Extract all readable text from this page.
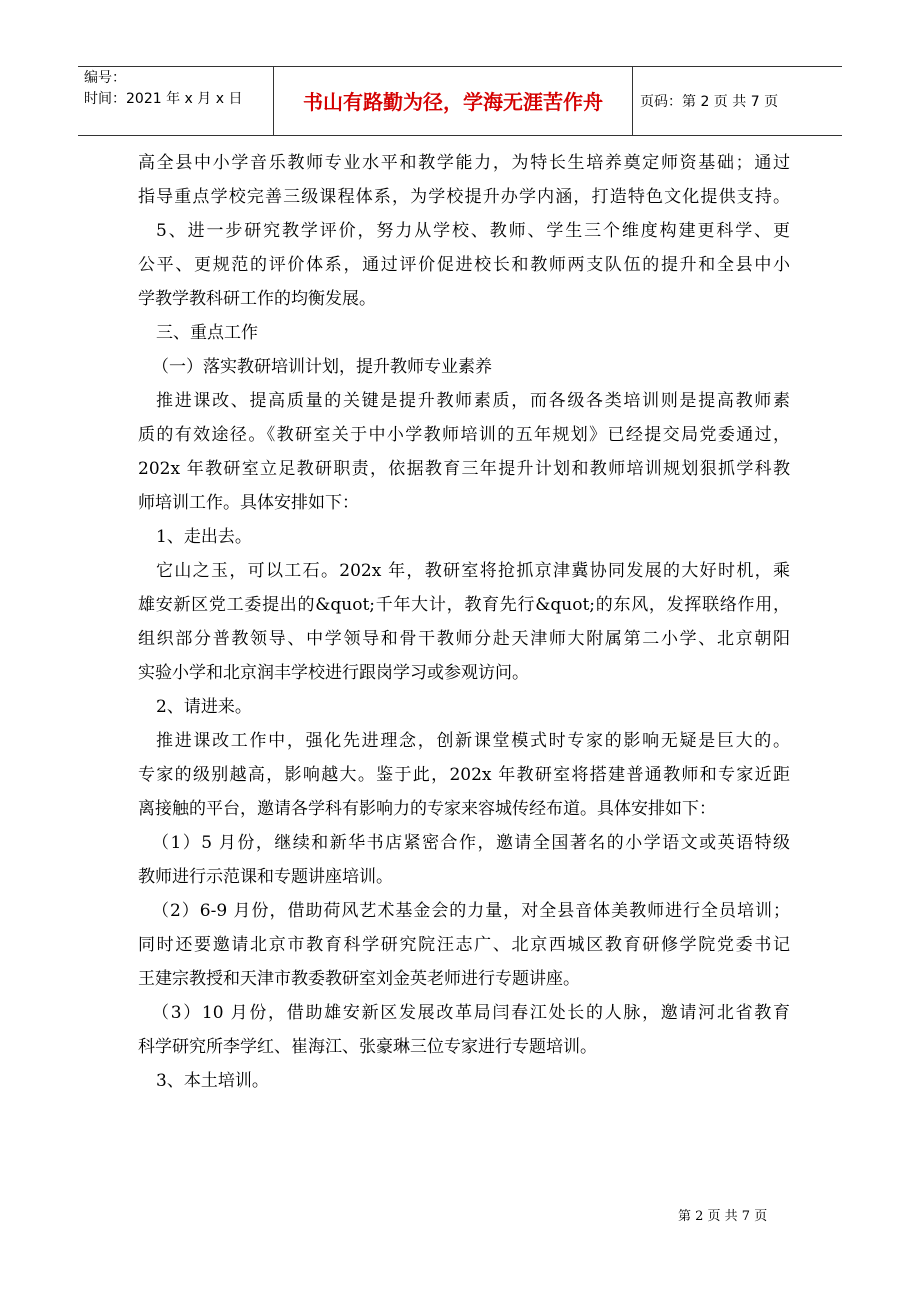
编号：
时间：2021 年 x 月 x 日	书山有路勤为径，学海无涯苦作舟	页码：第 2 页 共 7 页
高全县中小学音乐教师专业水平和教学能力，为特长生培养奠定师资基础；通过
指导重点学校完善三级课程体系，为学校提升办学内涵，打造特色文化提供支持。
5、进一步研究教学评价，努力从学校、教师、学生三个维度构建更科学、更
公平、更规范的评价体系，通过评价促进校长和教师两支队伍的提升和全县中小
学教学教科研工作的均衡发展。
三、重点工作
（一）落实教研培训计划，提升教师专业素养
推进课改、提高质量的关键是提升教师素质，而各级各类培训则是提高教师素
质的有效途径。《教研室关于中小学教师培训的五年规划》已经提交局党委通过，
202x 年教研室立足教研职责，依据教育三年提升计划和教师培训规划狠抓学科教
师培训工作。具体安排如下：
1、走出去。
它山之玉，可以工石。202x 年，教研室将抢抓京津冀协同发展的大好时机，乘
雄安新区党工委提出的&quot;千年大计，教育先行&quot;的东风，发挥联络作用，
组织部分普教领导、中学领导和骨干教师分赴天津师大附属第二小学、北京朝阳
实验小学和北京润丰学校进行跟岗学习或参观访问。
2、请进来。
推进课改工作中，强化先进理念，创新课堂模式时专家的影响无疑是巨大的。
专家的级别越高，影响越大。鉴于此，202x 年教研室将搭建普通教师和专家近距
离接触的平台，邀请各学科有影响力的专家来容城传经布道。具体安排如下：
（1）5 月份，继续和新华书店紧密合作，邀请全国著名的小学语文或英语特级
教师进行示范课和专题讲座培训。
（2）6-9 月份，借助荷风艺术基金会的力量，对全县音体美教师进行全员培训；
同时还要邀请北京市教育科学研究院汪志广、北京西城区教育研修学院党委书记
王建宗教授和天津市教委教研室刘金英老师进行专题讲座。
（3）10 月份，借助雄安新区发展改革局闫春江处长的人脉，邀请河北省教育
科学研究所李学红、崔海江、张豪琳三位专家进行专题培训。
3、本土培训。
第 2 页 共 7 页
